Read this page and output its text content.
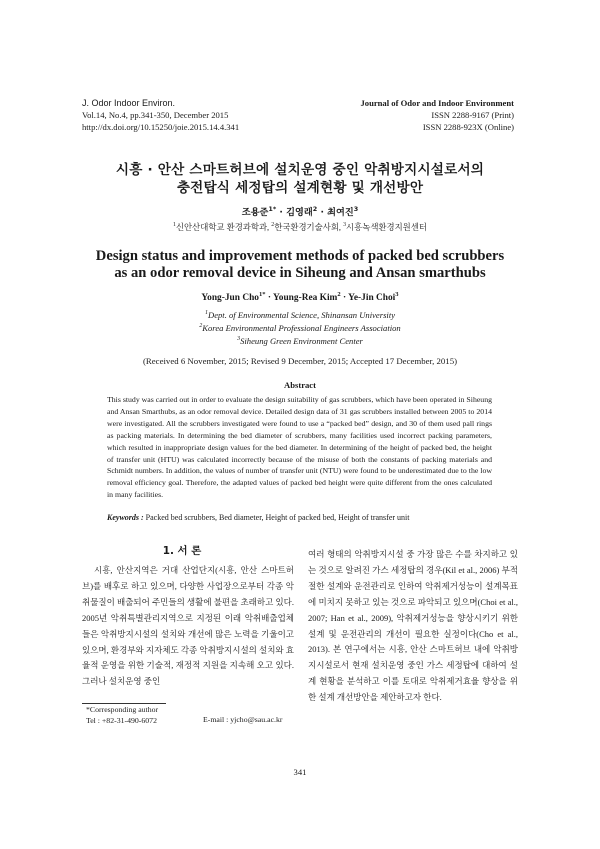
J. Odor Indoor Environ.
Vol.14, No.4, pp.341-350, December 2015
http://dx.doi.org/10.15250/joie.2015.14.4.341
Journal of Odor and Indoor Environment
ISSN 2288-9167 (Print)
ISSN 2288-923X (Online)
시흥 · 안산 스마트허브에 설치운영 중인 악취방지시설로서의
충전탑식 세정탑의 설계현황 및 개선방안
조용준$^{1*}$ · 김영래$^2$ · 최여진$^3$
$^1$신안산대학교 환경과학과, $^2$한국환경기술사회, $^3$시흥녹색환경지원센터
Design status and improvement methods of packed bed scrubbers
as an odor removal device in Siheung and Ansan smarthubs
Yong-Jun Cho$^{1*}$ · Young-Rea Kim$^2$ · Ye-Jin Choi$^3$
$^1$Dept. of Environmental Science, Shinansan University
$^2$Korea Environmental Professional Engineers Association
$^3$Siheung Green Environment Center
(Received 6 November, 2015; Revised 9 December, 2015; Accepted 17 December, 2015)
Abstract
This study was carried out in order to evaluate the design suitability of gas scrubbers, which have been operated in Siheung and Ansan Smarthubs, as an odor removal device. Detailed design data of 31 gas scrubbers installed between 2005 to 2014 were investigated. All the scrubbers investigated were found to use a “packed bed” design, and 30 of them used pall rings as packing materials. In determining the bed diameter of scrubbers, many facilities used incorrect packing parameters, which resulted in inappropriate design values for the bed diameter. In determining of the height of packed bed, the height of transfer unit (HTU) was calculated incorrectly because of the misuse of both the constants of packing materials and Schmidt numbers. In addition, the values of number of transfer unit (NTU) were found to be underestimated due to the low removal efficiency goal. Therefore, the adapted values of packed bed height were quite different from the ones calculated in many facilities.
Keywords : Packed bed scrubbers, Bed diameter, Height of packed bed, Height of transfer unit
1. 서 론
시흥, 안산지역은 거대 산업단지(시흥, 안산 스마트허브)를 배후로 하고 있으며, 다양한 사업장으로부터 각종 악취물질이 배출되어 주민들의 생활에 불편을 초래하고 있다. 2005년 악취특별관리지역으로 지정된 이래 악취배출업체들은 악취방지시설의 설치와 개선에 많은 노력을 기울이고 있으며, 환경부와 지자체도 각종 악취방지시설의 설치와 효율적 운영을 위한 기술적, 재정적 지원을 지속해 오고 있다. 그러나 설치운영 중인
여러 형태의 악취방지시설 중 가장 많은 수를 차지하고 있는 것으로 알려진 가스 세정탑의 경우(Kil et al., 2006) 부적절한 설계와 운전관리로 인하여 악취제거성능이 설계목표에 미치지 못하고 있는 것으로 파악되고 있으며(Choi et al., 2007; Han et al., 2009), 악취제거성능을 향상시키기 위한 설계 및 운전관리의 개선이 필요한 실정이다(Cho et al., 2013). 본 연구에서는 시흥, 안산 스마트허브 내에 악취방지시설로서 현재 설치운영 중인 가스 세정탑에 대하여 설계 현황을 분석하고 이를 토대로 악취제거효율 향상을 위한 설계 개선방안을 제안하고자 한다.
*Corresponding author
Tel : +82-31-490-6072	E-mail : yjcho@sau.ac.kr
341
